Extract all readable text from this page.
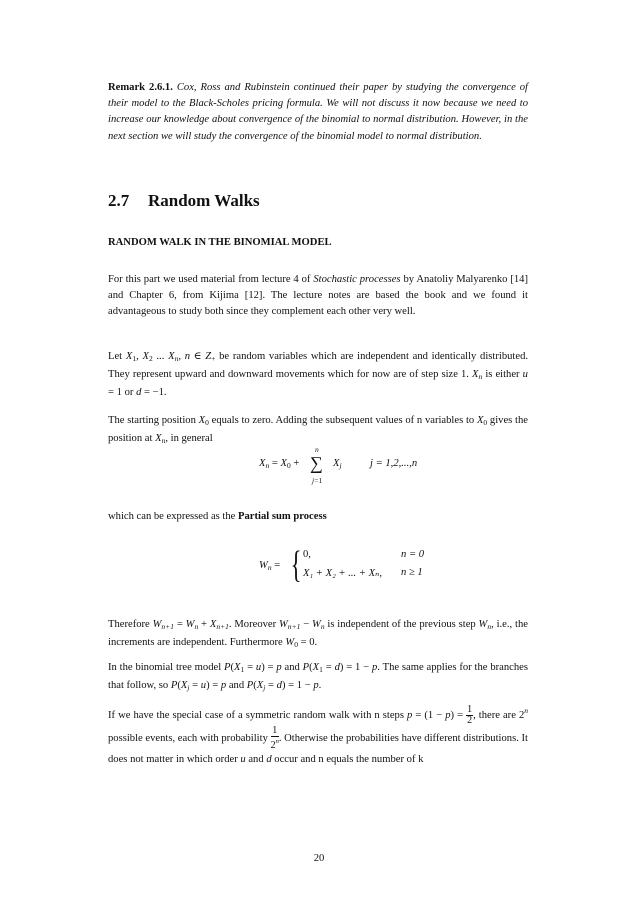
Remark 2.6.1. Cox, Ross and Rubinstein continued their paper by studying the convergence of their model to the Black-Scholes pricing formula. We will not discuss it now because we need to increase our knowledge about convergence of the binomial to normal distribution. However, in the next section we will study the convergence of the binomial model to normal distribution.

2.7 Random Walks
RANDOM WALK IN THE BINOMIAL MODEL

For this part we used material from lecture 4 of Stochastic processes by Anatoliy Malyarenko [14] and Chapter 6, from Kijima [12]. The lecture notes are based the book and we found it advantageous to study both since they complement each other very well.

Let X1, X2 ... $X_n$, n ∈ Z+ be random variables which are independent and identically distributed. They represent upward and downward movements which for now are of step size 1. $X_n$ is either u = 1 or d = −1.

The starting position X0 equals to zero. Adding the subsequent values of n variables to X0 gives the position at $X_n$, in general

$X_n = X0$ +
n
∑
j=1
$X_j$	j = 1,2,...,n

which can be expressed as the Partial sum process

$W_n$ = { 0,	n = 0
X₁ + X₂ + ... + Xₙ, n ≥ 1

Therefore $W_{n+1} = W_n + X_{n+1}$. Moreover $W_{n+1} - W_n$ is independent of the previous step $W_n$, i.e., the increments are independent. Furthermore W0 = 0.

In the binomial tree model P(X1 = u) = p and P(X1 = d) = 1 − p. The same applies for the branches that follow, so $P(X_j = u) = p$ and $P(X_j = d) = 1 - p$.

If we have the special case of a symmetric random walk with n steps $p = (1 - p) = \frac{1}{2}$ , there are 2$^n$ possible events, each with probability $\frac{1}{2^n}$ . Otherwise the probabilities have different distributions. It does not matter in which order u and d occur and n equals the number of k

20
